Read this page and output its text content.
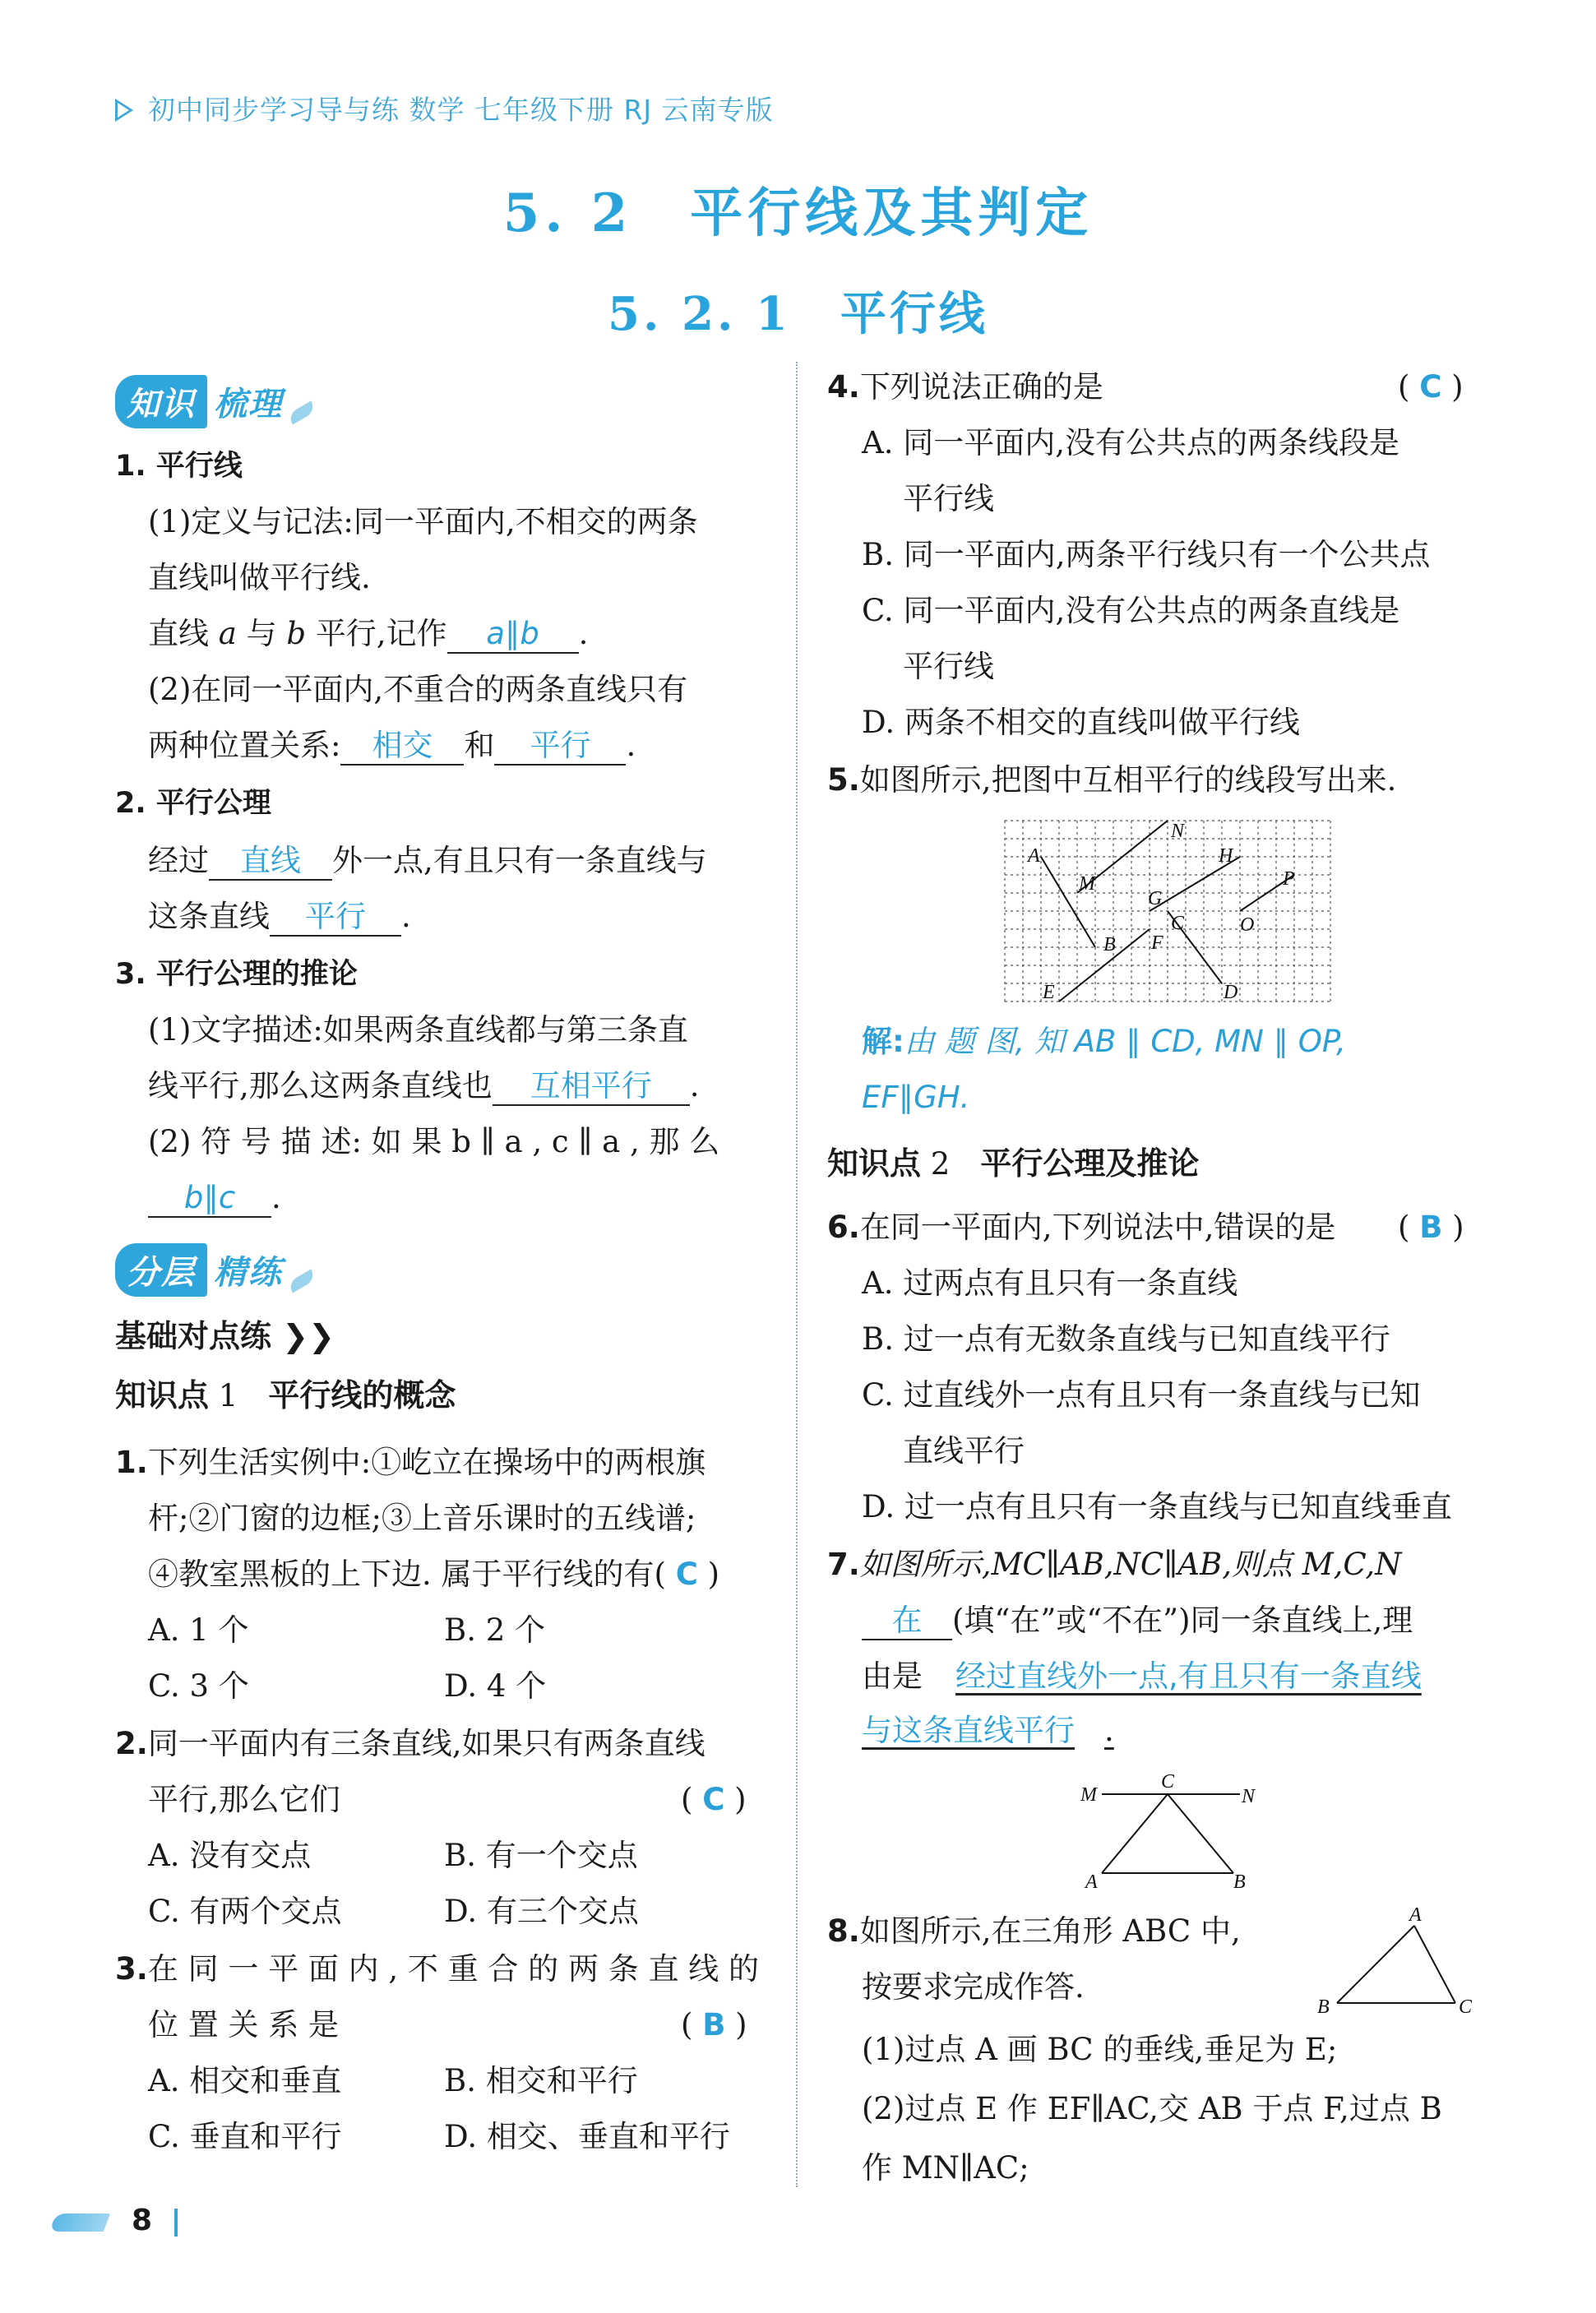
初中同步学习导与练 数学 七年级下册 RJ 云南专版
5. 2　平行线及其判定
5. 2. 1　平行线
知识 梳理
1. 平行线
(1)定义与记法:同一平面内,不相交的两条
直线叫做平行线.
直线 a 与 b 平行,记作 a∥b .
(2)在同一平面内,不重合的两条直线只有
两种位置关系: 相交 和 平行 .
2. 平行公理
经过 直线 外一点,有且只有一条直线与
这条直线 平行 .
3. 平行公理的推论
(1)文字描述:如果两条直线都与第三条直
线平行,那么这两条直线也 互相平行 .
(2) 符 号 描 述: 如 果 b ∥ a , c ∥ a , 那 么
b∥c .
分层 精练
基础对点练 ❯❯
知识点 1　 平行线的概念
1.下列生活实例中:①屹立在操场中的两根旗
杆;②门窗的边框;③上音乐课时的五线谱;
④教室黑板的上下边. 属于平行线的有( C )
A. 1 个	B. 2 个
C. 3 个	D. 4 个
2.同一平面内有三条直线,如果只有两条直线
平行,那么它们	( C )
A. 没有交点	B. 有一个交点
C. 有两个交点	D. 有三个交点
3.在 同 一 平 面 内 , 不 重 合 的 两 条 直 线 的
位 置 关 系 是	( B )
A. 相交和垂直	B. 相交和平行
C. 垂直和平行	D. 相交、垂直和平行
4.下列说法正确的是	( C )
A. 同一平面内,没有公共点的两条线段是
平行线
B. 同一平面内,两条平行线只有一个公共点
C. 同一平面内,没有公共点的两条直线是
平行线
D. 两条不相交的直线叫做平行线
5.如图所示,把图中互相平行的线段写出来.
A
M
N
H
G
C
P
O
B F
E	D
解:由 题 图, 知 AB ∥ CD, MN ∥ OP,
EF∥GH.
知识点 2　 平行公理及推论
6.在同一平面内,下列说法中,错误的是 ( B )
A. 过两点有且只有一条直线
B. 过一点有无数条直线与已知直线平行
C. 过直线外一点有且只有一条直线与已知
直线平行
D. 过一点有且只有一条直线与已知直线垂直
7.如图所示,MC∥AB,NC∥AB,则点 M,C,N
在 (填“在”或“不在”)同一条直线上,理
由是 经过直线外一点,有且只有一条直线
与这条直线平行 .
M
C
N
A	B
8.如图所示,在三角形 ABC 中,
按要求完成作答.
A
B	C
(1)过点 A 画 BC 的垂线,垂足为 E;
(2)过点 E 作 EF∥AC,交 AB 于点 F,过点 B
作 MN∥AC;
8
